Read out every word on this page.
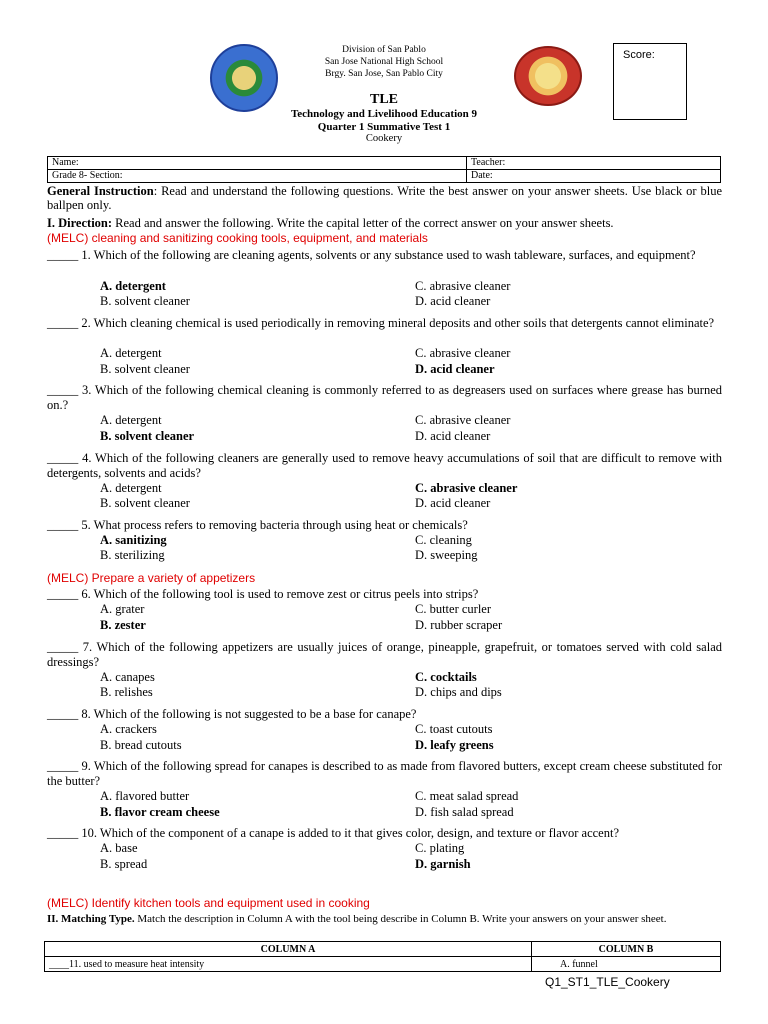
Division of San Pablo
San Jose National High School
Brgy. San Jose, San Pablo City
TLE
Technology and Livelihood Education 9
Quarter 1 Summative Test 1
Cookery
Score:
Name:	Teacher:
Grade 8- Section:	Date:
General Instruction: Read and understand the following questions. Write the best answer on your answer sheets. Use black or blue ballpen only.
I. Direction: Read and answer the following. Write the capital letter of the correct answer on your answer sheets.
(MELC) cleaning and sanitizing cooking tools, equipment, and materials
_____ 1. Which of the following are cleaning agents, solvents or any substance used to wash tableware, surfaces, and equipment?
A. detergent	C. abrasive cleaner
B. solvent cleaner	D. acid cleaner
_____ 2. Which cleaning chemical is used periodically in removing mineral deposits and other soils that detergents cannot eliminate?
A. detergent	C. abrasive cleaner
B. solvent cleaner	D. acid cleaner
_____ 3. Which of the following chemical cleaning is commonly referred to as degreasers used on surfaces where grease has burned on.?
A. detergent	C. abrasive cleaner
B. solvent cleaner	D. acid cleaner
_____ 4. Which of the following cleaners are generally used to remove heavy accumulations of soil that are difficult to remove with detergents, solvents and acids?
A. detergent	C. abrasive cleaner
B. solvent cleaner	D. acid cleaner
_____ 5. What process refers to removing bacteria through using heat or chemicals?
A. sanitizing	C. cleaning
B. sterilizing	D. sweeping
(MELC) Prepare a variety of appetizers
_____ 6. Which of the following tool is used to remove zest or citrus peels into strips?
A. grater	C. butter curler
B. zester	D. rubber scraper
_____ 7. Which of the following appetizers are usually juices of orange, pineapple, grapefruit, or tomatoes served with cold salad dressings?
A. canapes	C. cocktails
B. relishes	D. chips and dips
_____ 8. Which of the following is not suggested to be a base for canape?
A. crackers	C. toast cutouts
B. bread cutouts	D. leafy greens
_____ 9. Which of the following spread for canapes is described to as made from flavored butters, except cream cheese substituted for the butter?
A. flavored butter	C. meat salad spread
B. flavor cream cheese	D. fish salad spread
_____ 10. Which of the component of a canape is added to it that gives color, design, and texture or flavor accent?
A. base	C. plating
B. spread	D. garnish
(MELC) Identify kitchen tools and equipment used in cooking
II. Matching Type. Match the description in Column A with the tool being describe in Column B. Write your answers on your answer sheet.
COLUMN A	COLUMN B
____11. used to measure heat intensity	A. funnel
Q1_ST1_TLE_Cookery
